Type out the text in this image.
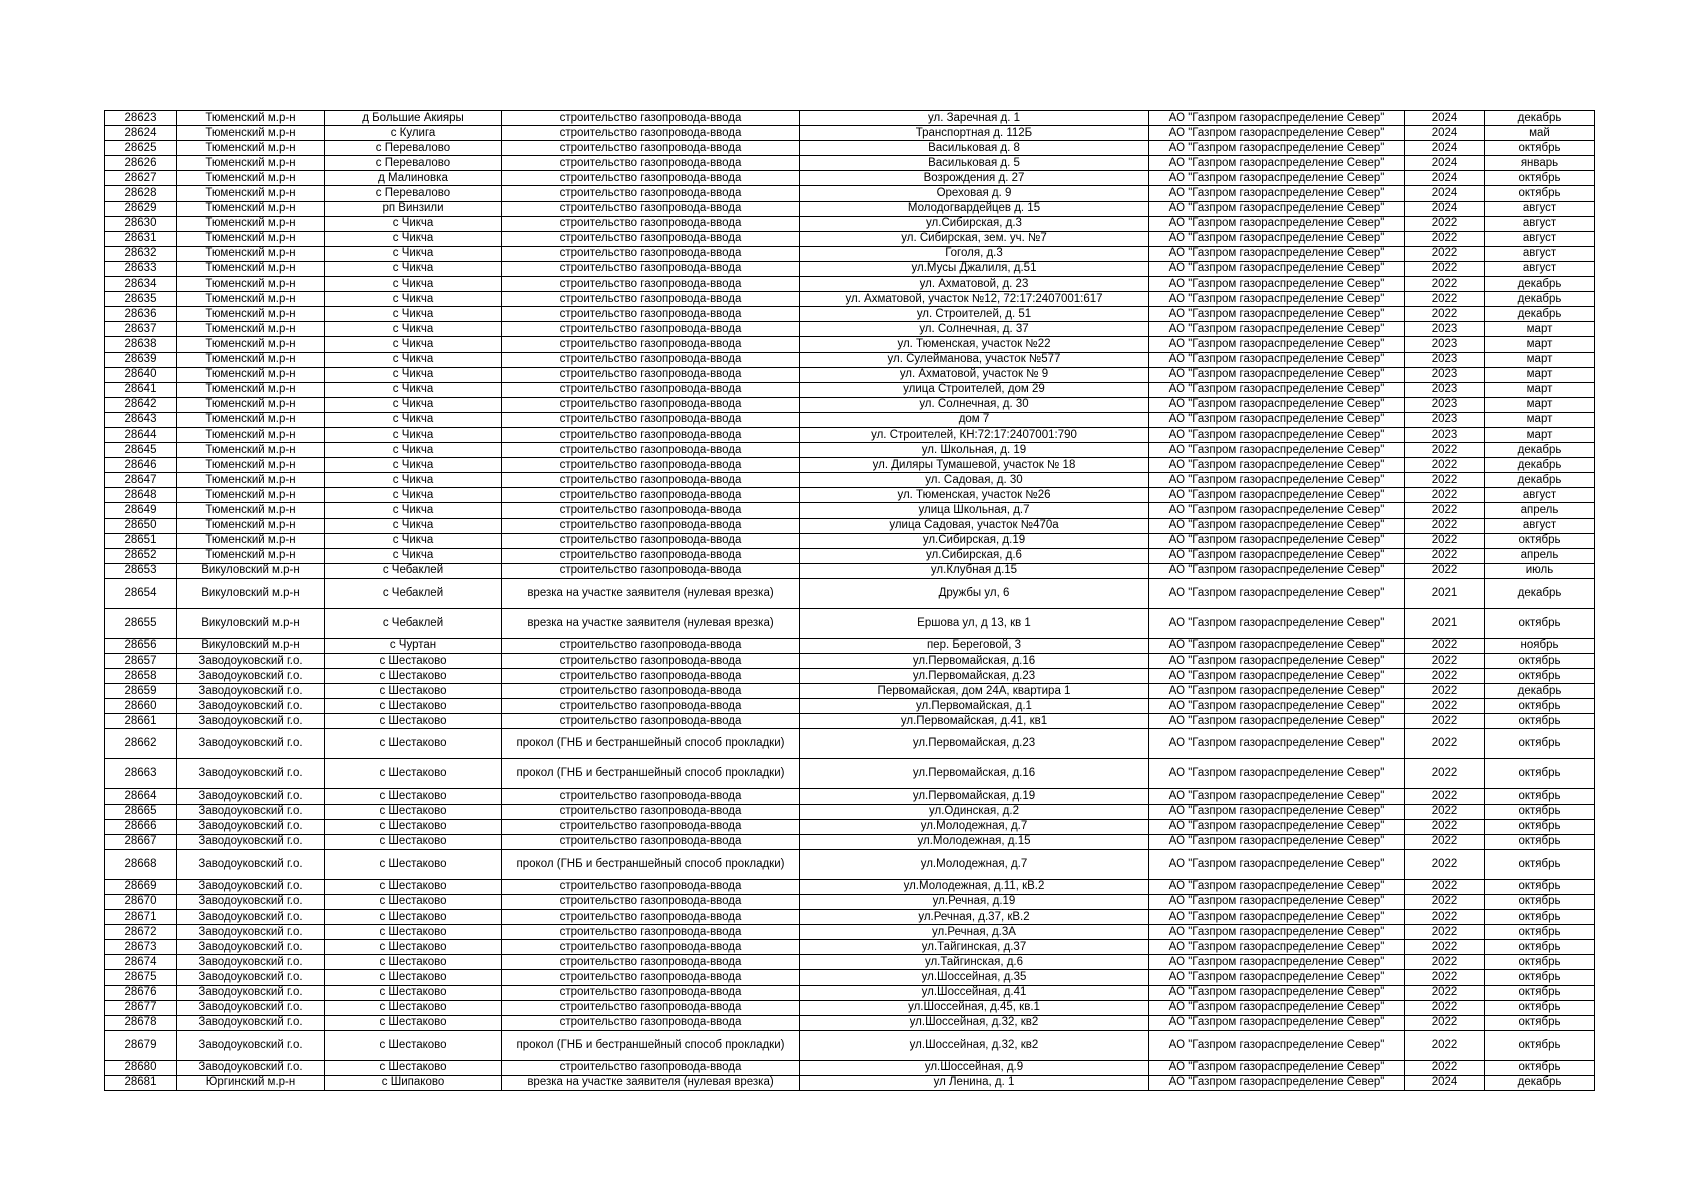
28623	Тюменский м.р-н	д Большие Акияры	строительство газопровода-ввода	ул. Заречная д. 1	АО "Газпром газораспределение Север"	2024	декабрь
28624	Тюменский м.р-н	с Кулига	строительство газопровода-ввода	Транспортная д. 112Б	АО "Газпром газораспределение Север"	2024	май
28625	Тюменский м.р-н	с Перевалово	строительство газопровода-ввода	Васильковая д. 8	АО "Газпром газораспределение Север"	2024	октябрь
28626	Тюменский м.р-н	с Перевалово	строительство газопровода-ввода	Васильковая д. 5	АО "Газпром газораспределение Север"	2024	январь
28627	Тюменский м.р-н	д Малиновка	строительство газопровода-ввода	Возрождения д. 27	АО "Газпром газораспределение Север"	2024	октябрь
28628	Тюменский м.р-н	с Перевалово	строительство газопровода-ввода	Ореховая д. 9	АО "Газпром газораспределение Север"	2024	октябрь
28629	Тюменский м.р-н	рп Винзили	строительство газопровода-ввода	Молодогвардейцев д. 15	АО "Газпром газораспределение Север"	2024	август
28630	Тюменский м.р-н	с Чикча	строительство газопровода-ввода	ул.Сибирская, д.3	АО "Газпром газораспределение Север"	2022	август
28631	Тюменский м.р-н	с Чикча	строительство газопровода-ввода	ул. Сибирская, зем. уч. №7	АО "Газпром газораспределение Север"	2022	август
28632	Тюменский м.р-н	с Чикча	строительство газопровода-ввода	Гоголя, д.3	АО "Газпром газораспределение Север"	2022	август
28633	Тюменский м.р-н	с Чикча	строительство газопровода-ввода	ул.Мусы Джалиля, д.51	АО "Газпром газораспределение Север"	2022	август
28634	Тюменский м.р-н	с Чикча	строительство газопровода-ввода	ул. Ахматовой, д. 23	АО "Газпром газораспределение Север"	2022	декабрь
28635	Тюменский м.р-н	с Чикча	строительство газопровода-ввода	ул. Ахматовой, участок №12, 72:17:2407001:617	АО "Газпром газораспределение Север"	2022	декабрь
28636	Тюменский м.р-н	с Чикча	строительство газопровода-ввода	ул. Строителей, д. 51	АО "Газпром газораспределение Север"	2022	декабрь
28637	Тюменский м.р-н	с Чикча	строительство газопровода-ввода	ул. Солнечная, д. 37	АО "Газпром газораспределение Север"	2023	март
28638	Тюменский м.р-н	с Чикча	строительство газопровода-ввода	ул. Тюменская, участок №22	АО "Газпром газораспределение Север"	2023	март
28639	Тюменский м.р-н	с Чикча	строительство газопровода-ввода	ул. Сулейманова, участок №577	АО "Газпром газораспределение Север"	2023	март
28640	Тюменский м.р-н	с Чикча	строительство газопровода-ввода	ул. Ахматовой, участок № 9	АО "Газпром газораспределение Север"	2023	март
28641	Тюменский м.р-н	с Чикча	строительство газопровода-ввода	улица Строителей, дом 29	АО "Газпром газораспределение Север"	2023	март
28642	Тюменский м.р-н	с Чикча	строительство газопровода-ввода	ул. Солнечная, д. 30	АО "Газпром газораспределение Север"	2023	март
28643	Тюменский м.р-н	с Чикча	строительство газопровода-ввода	дом 7	АО "Газпром газораспределение Север"	2023	март
28644	Тюменский м.р-н	с Чикча	строительство газопровода-ввода	ул. Строителей, КН:72:17:2407001:790	АО "Газпром газораспределение Север"	2023	март
28645	Тюменский м.р-н	с Чикча	строительство газопровода-ввода	ул. Школьная, д. 19	АО "Газпром газораспределение Север"	2022	декабрь
28646	Тюменский м.р-н	с Чикча	строительство газопровода-ввода	ул. Диляры Тумашевой, участок № 18	АО "Газпром газораспределение Север"	2022	декабрь
28647	Тюменский м.р-н	с Чикча	строительство газопровода-ввода	ул. Садовая, д. 30	АО "Газпром газораспределение Север"	2022	декабрь
28648	Тюменский м.р-н	с Чикча	строительство газопровода-ввода	ул. Тюменская, участок №26	АО "Газпром газораспределение Север"	2022	август
28649	Тюменский м.р-н	с Чикча	строительство газопровода-ввода	улица Школьная, д.7	АО "Газпром газораспределение Север"	2022	апрель
28650	Тюменский м.р-н	с Чикча	строительство газопровода-ввода	улица Садовая, участок №470а	АО "Газпром газораспределение Север"	2022	август
28651	Тюменский м.р-н	с Чикча	строительство газопровода-ввода	ул.Сибирская, д.19	АО "Газпром газораспределение Север"	2022	октябрь
28652	Тюменский м.р-н	с Чикча	строительство газопровода-ввода	ул.Сибирская, д.6	АО "Газпром газораспределение Север"	2022	апрель
28653	Викуловский м.р-н	с Чебаклей	строительство газопровода-ввода	ул.Клубная д.15	АО "Газпром газораспределение Север"	2022	июль
28654	Викуловский м.р-н	с Чебаклей	врезка на участке заявителя (нулевая врезка)	Дружбы ул, 6	АО "Газпром газораспределение Север"	2021	декабрь
28655	Викуловский м.р-н	с Чебаклей	врезка на участке заявителя (нулевая врезка)	Ершова ул, д 13, кв 1	АО "Газпром газораспределение Север"	2021	октябрь
28656	Викуловский м.р-н	с Чуртан	строительство газопровода-ввода	пер. Береговой, 3	АО "Газпром газораспределение Север"	2022	ноябрь
28657	Заводоуковский г.о.	с Шестаково	строительство газопровода-ввода	ул.Первомайская, д.16	АО "Газпром газораспределение Север"	2022	октябрь
28658	Заводоуковский г.о.	с Шестаково	строительство газопровода-ввода	ул.Первомайская, д.23	АО "Газпром газораспределение Север"	2022	октябрь
28659	Заводоуковский г.о.	с Шестаково	строительство газопровода-ввода	Первомайская, дом 24А, квартира 1	АО "Газпром газораспределение Север"	2022	декабрь
28660	Заводоуковский г.о.	с Шестаково	строительство газопровода-ввода	ул.Первомайская, д.1	АО "Газпром газораспределение Север"	2022	октябрь
28661	Заводоуковский г.о.	с Шестаково	строительство газопровода-ввода	ул.Первомайская, д.41, кв1	АО "Газпром газораспределение Север"	2022	октябрь
28662	Заводоуковский г.о.	с Шестаково	прокол (ГНБ и бестраншейный способ прокладки)	ул.Первомайская, д.23	АО "Газпром газораспределение Север"	2022	октябрь
28663	Заводоуковский г.о.	с Шестаково	прокол (ГНБ и бестраншейный способ прокладки)	ул.Первомайская, д.16	АО "Газпром газораспределение Север"	2022	октябрь
28664	Заводоуковский г.о.	с Шестаково	строительство газопровода-ввода	ул.Первомайская, д.19	АО "Газпром газораспределение Север"	2022	октябрь
28665	Заводоуковский г.о.	с Шестаково	строительство газопровода-ввода	ул.Одинская, д.2	АО "Газпром газораспределение Север"	2022	октябрь
28666	Заводоуковский г.о.	с Шестаково	строительство газопровода-ввода	ул.Молодежная, д.7	АО "Газпром газораспределение Север"	2022	октябрь
28667	Заводоуковский г.о.	с Шестаково	строительство газопровода-ввода	ул.Молодежная, д.15	АО "Газпром газораспределение Север"	2022	октябрь
28668	Заводоуковский г.о.	с Шестаково	прокол (ГНБ и бестраншейный способ прокладки)	ул.Молодежная, д.7	АО "Газпром газораспределение Север"	2022	октябрь
28669	Заводоуковский г.о.	с Шестаково	строительство газопровода-ввода	ул.Молодежная, д.11, кВ.2	АО "Газпром газораспределение Север"	2022	октябрь
28670	Заводоуковский г.о.	с Шестаково	строительство газопровода-ввода	ул.Речная, д.19	АО "Газпром газораспределение Север"	2022	октябрь
28671	Заводоуковский г.о.	с Шестаково	строительство газопровода-ввода	ул.Речная, д.37, кВ.2	АО "Газпром газораспределение Север"	2022	октябрь
28672	Заводоуковский г.о.	с Шестаково	строительство газопровода-ввода	ул.Речная, д.3А	АО "Газпром газораспределение Север"	2022	октябрь
28673	Заводоуковский г.о.	с Шестаково	строительство газопровода-ввода	ул.Тайгинская, д.37	АО "Газпром газораспределение Север"	2022	октябрь
28674	Заводоуковский г.о.	с Шестаково	строительство газопровода-ввода	ул.Тайгинская, д.6	АО "Газпром газораспределение Север"	2022	октябрь
28675	Заводоуковский г.о.	с Шестаково	строительство газопровода-ввода	ул.Шоссейная, д.35	АО "Газпром газораспределение Север"	2022	октябрь
28676	Заводоуковский г.о.	с Шестаково	строительство газопровода-ввода	ул.Шоссейная, д.41	АО "Газпром газораспределение Север"	2022	октябрь
28677	Заводоуковский г.о.	с Шестаково	строительство газопровода-ввода	ул.Шоссейная, д.45, кв.1	АО "Газпром газораспределение Север"	2022	октябрь
28678	Заводоуковский г.о.	с Шестаково	строительство газопровода-ввода	ул.Шоссейная, д.32, кв2	АО "Газпром газораспределение Север"	2022	октябрь
28679	Заводоуковский г.о.	с Шестаково	прокол (ГНБ и бестраншейный способ прокладки)	ул.Шоссейная, д.32, кв2	АО "Газпром газораспределение Север"	2022	октябрь
28680	Заводоуковский г.о.	с Шестаково	строительство газопровода-ввода	ул.Шоссейная, д.9	АО "Газпром газораспределение Север"	2022	октябрь
28681	Юргинский м.р-н	с Шипаково	врезка на участке заявителя (нулевая врезка)	ул Ленина, д. 1	АО "Газпром газораспределение Север"	2024	декабрь
